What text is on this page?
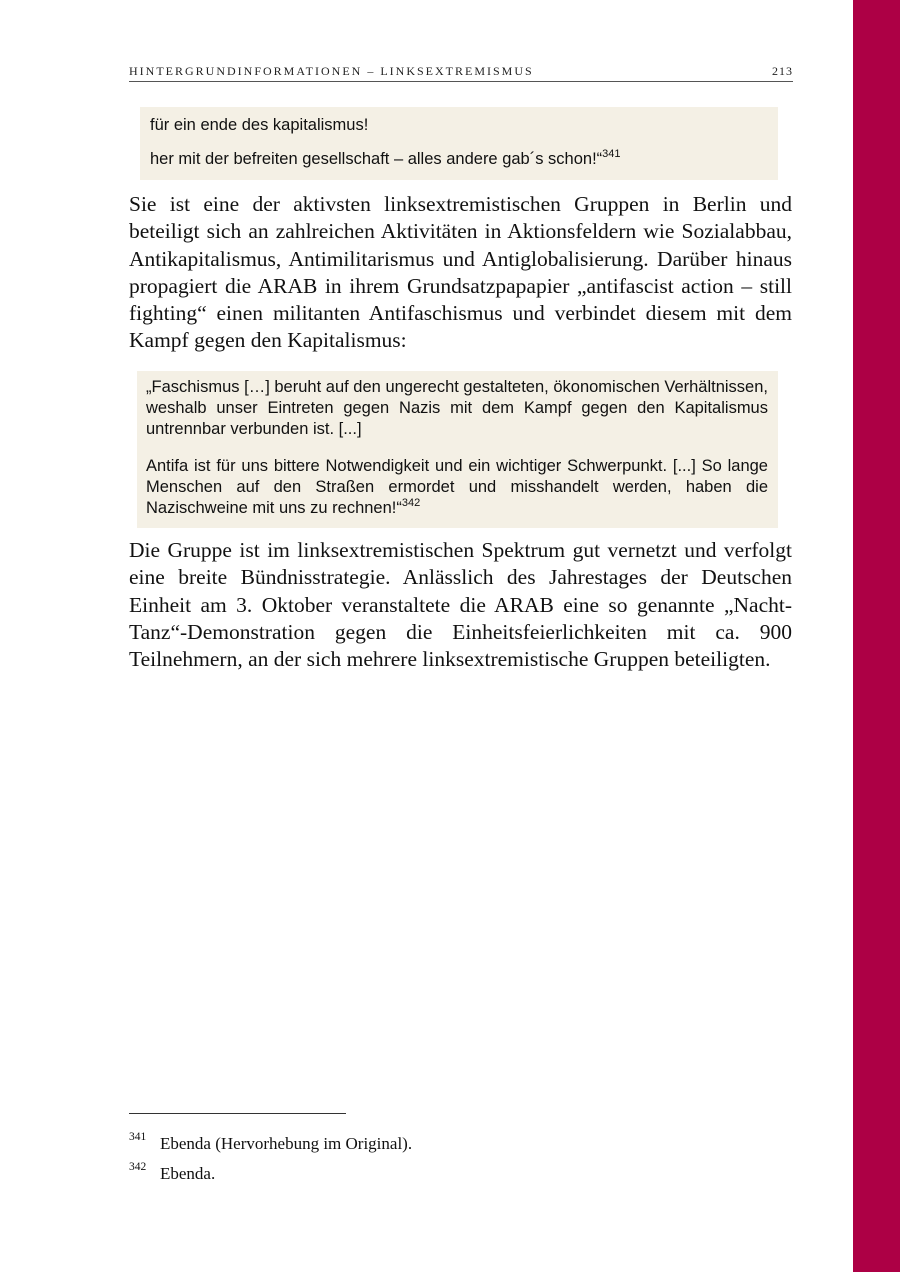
HINTERGRUNDINFORMATIONEN – LINKSEXTREMISMUS	213

für ein ende des kapitalismus!

her mit der befreiten gesellschaft – alles andere gab´s schon!“$^{341}$

Sie ist eine der aktivsten linksextremistischen Gruppen in Berlin und beteiligt sich an zahlreichen Aktivitäten in Aktionsfeldern wie Sozialabbau, Antikapitalismus, Antimilitarismus und Antiglobalisierung. Darüber hinaus propagiert die ARAB in ihrem Grundsatzpapapier „antifascist action – still fighting“ einen militanten Antifaschismus und verbindet diesem mit dem Kampf gegen den Kapitalismus:

„Faschismus […] beruht auf den ungerecht gestalteten, ökonomischen Verhältnissen, weshalb unser Eintreten gegen Nazis mit dem Kampf gegen den Kapitalismus untrennbar verbunden ist. [...]

Antifa ist für uns bittere Notwendigkeit und ein wichtiger Schwerpunkt. [...] So lange Menschen auf den Straßen ermordet und misshandelt werden, haben die Nazischweine mit uns zu rechnen!“$^{342}$

Die Gruppe ist im linksextremistischen Spektrum gut vernetzt und verfolgt eine breite Bündnisstrategie. Anlässlich des Jahrestages der Deutschen Einheit am 3. Oktober veranstaltete die ARAB eine so genannte „Nacht-Tanz“-Demonstration gegen die Einheitsfeierlichkeiten mit ca. 900 Teilnehmern, an der sich mehrere linksextremistische Gruppen beteiligten.

341 Ebenda (Hervorhebung im Original).
342 Ebenda.
